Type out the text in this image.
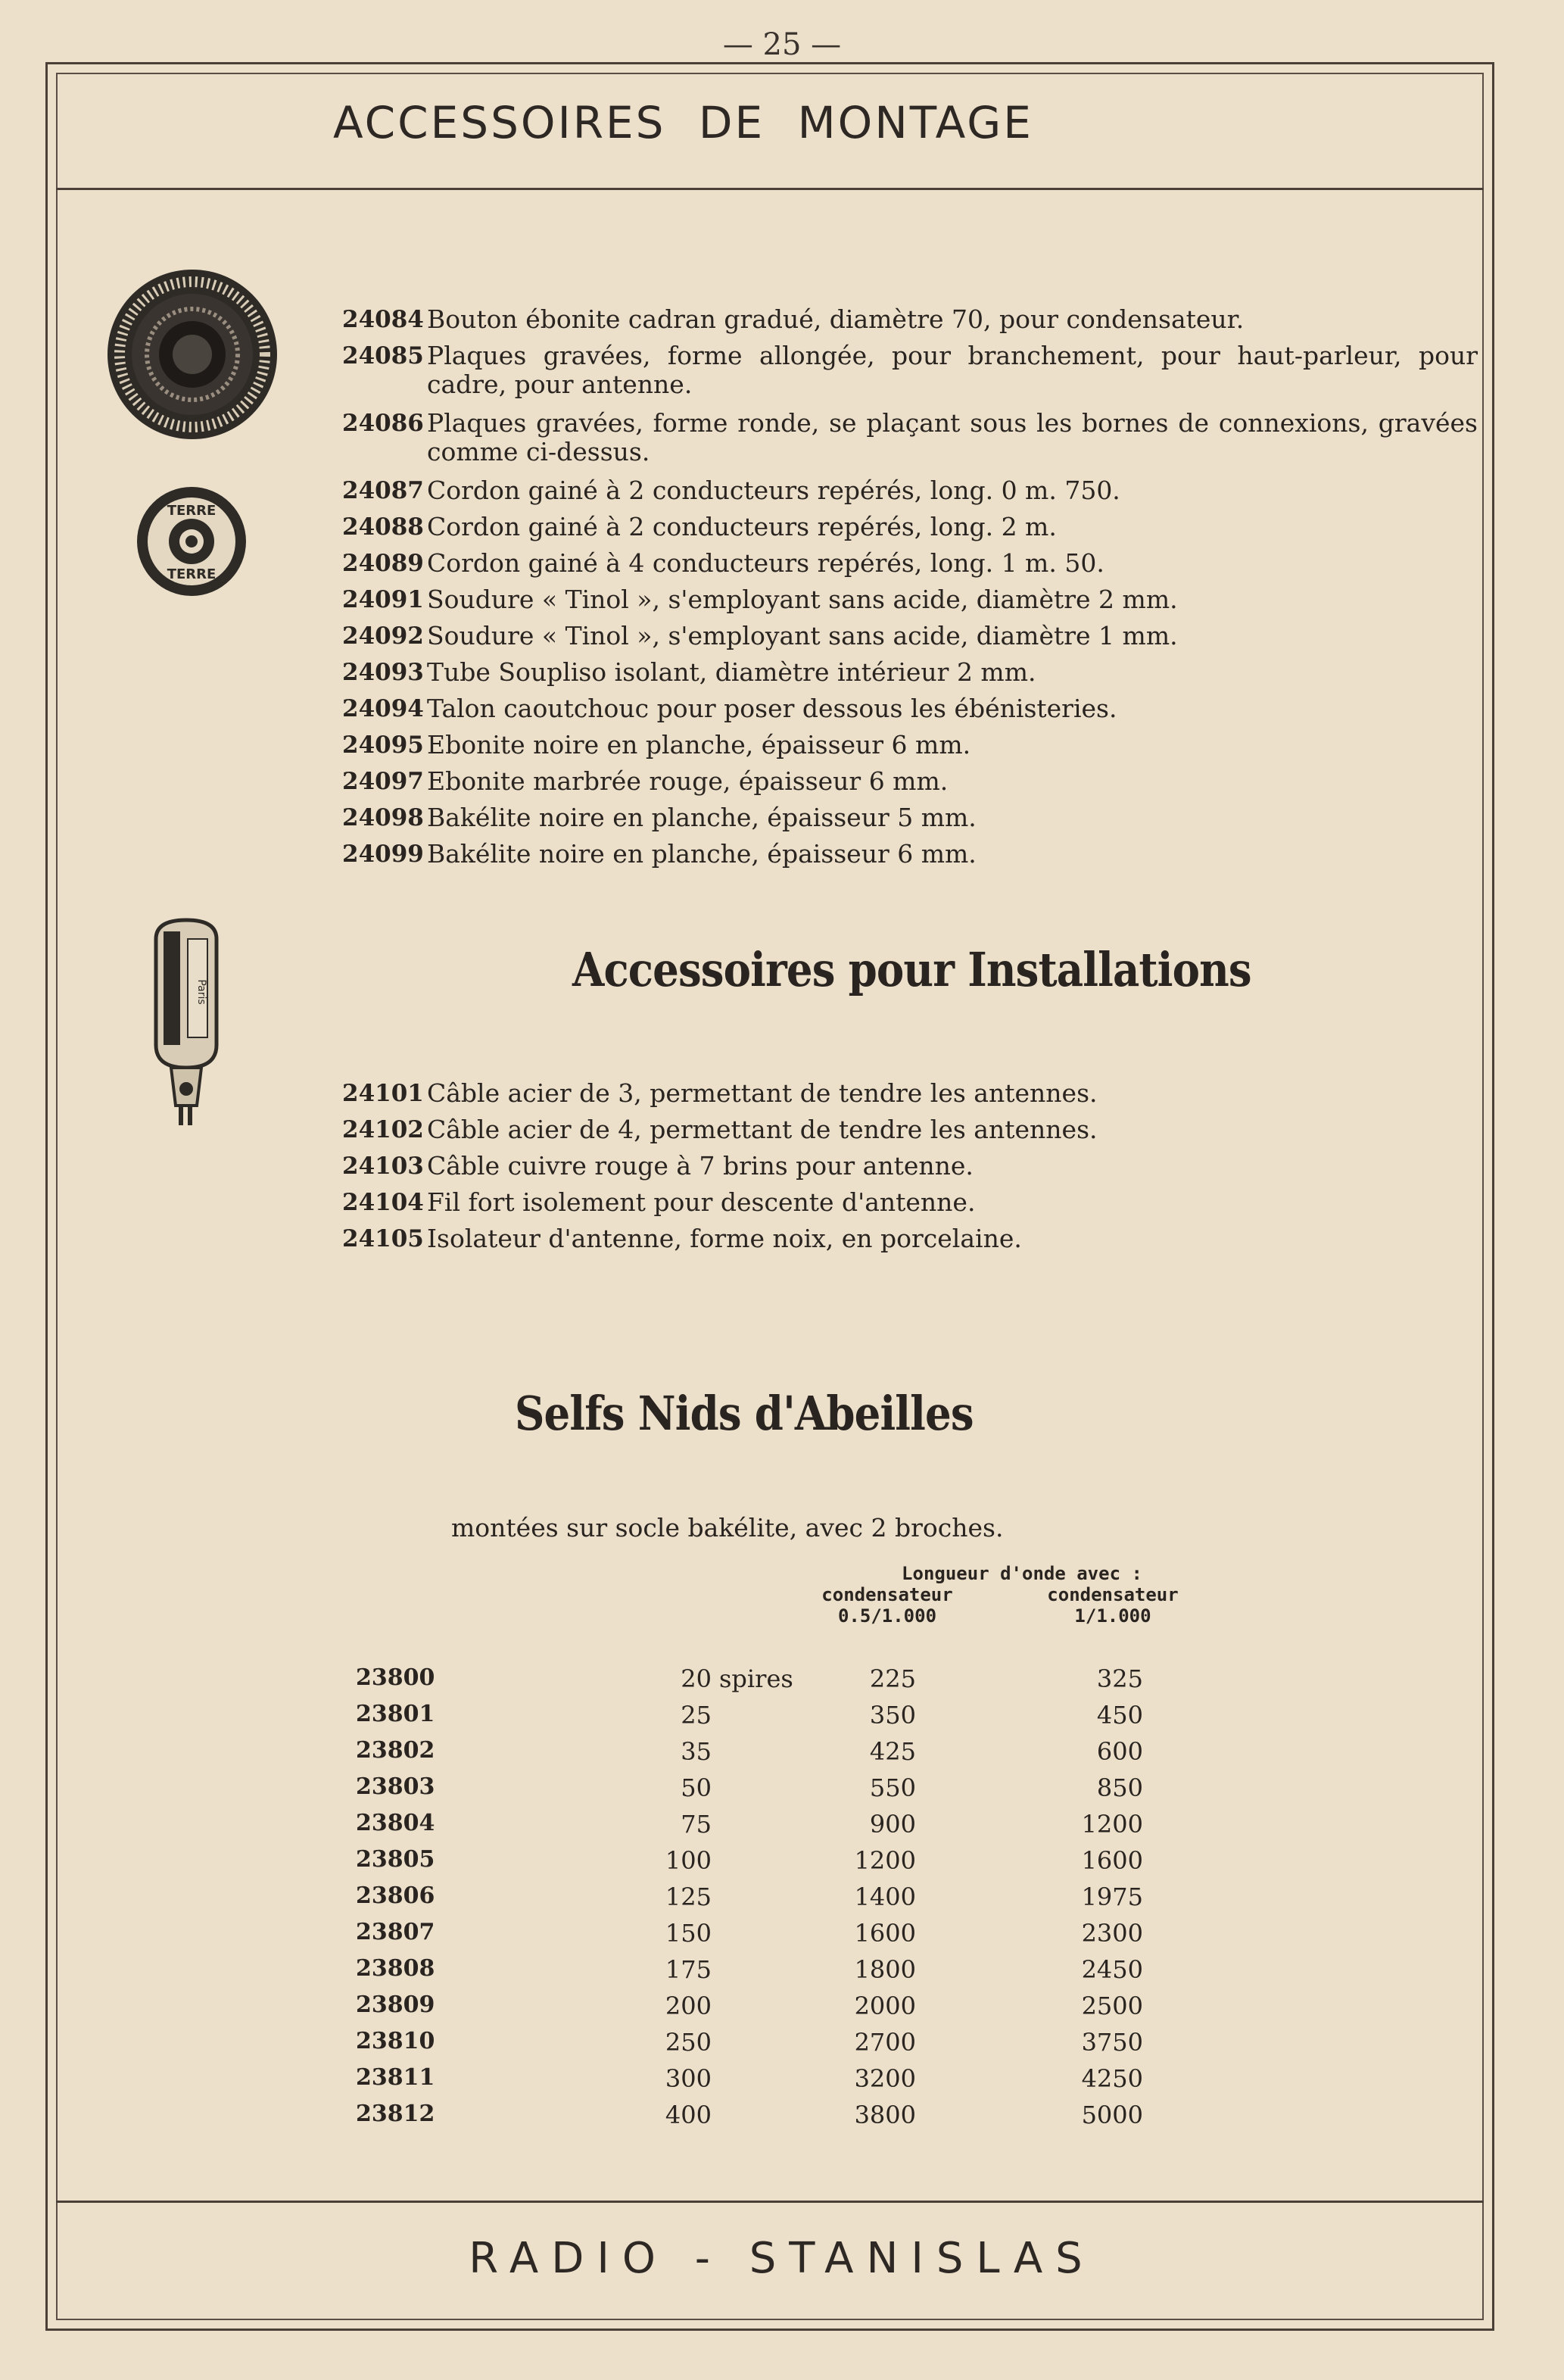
— 25 —
ACCESSOIRES DE MONTAGE
TERRE
TERRE
Paris
24084 Bouton ébonite cadran gradué, diamètre 70, pour condensateur.
24085 Plaques gravées, forme allongée, pour branchement, pour haut-parleur, pour cadre, pour antenne.
24086 Plaques gravées, forme ronde, se plaçant sous les bornes de connexions, gravées comme ci-dessus.
24087 Cordon gainé à 2 conducteurs repérés, long. 0 m. 750.
24088 Cordon gainé à 2 conducteurs repérés, long. 2 m.
24089 Cordon gainé à 4 conducteurs repérés, long. 1 m. 50.
24091 Soudure « Tinol », s'employant sans acide, diamètre 2 mm.
24092 Soudure « Tinol », s'employant sans acide, diamètre 1 mm.
24093 Tube Soupliso isolant, diamètre intérieur 2 mm.
24094 Talon caoutchouc pour poser dessous les ébénisteries.
24095 Ebonite noire en planche, épaisseur 6 mm.
24097 Ebonite marbrée rouge, épaisseur 6 mm.
24098 Bakélite noire en planche, épaisseur 5 mm.
24099 Bakélite noire en planche, épaisseur 6 mm.
Accessoires pour Installations
24101 Câble acier de 3, permettant de tendre les antennes.
24102 Câble acier de 4, permettant de tendre les antennes.
24103 Câble cuivre rouge à 7 brins pour antenne.
24104 Fil fort isolement pour descente d'antenne.
24105 Isolateur d'antenne, forme noix, en porcelaine.
Selfs Nids d'Abeilles
montées sur socle bakélite, avec 2 broches.
Longueur d'onde avec :
condensateur
0.5/1.000
condensateur
1/1.000
23800	20 spires	225	325
23801	25	350	450
23802	35	425	600
23803	50	550	850
23804	75	900	1200
23805	100	1200	1600
23806	125	1400	1975
23807	150	1600	2300
23808	175	1800	2450
23809	200	2000	2500
23810	250	2700	3750
23811	300	3200	4250
23812	400	3800	5000
RADIO - STANISLAS
